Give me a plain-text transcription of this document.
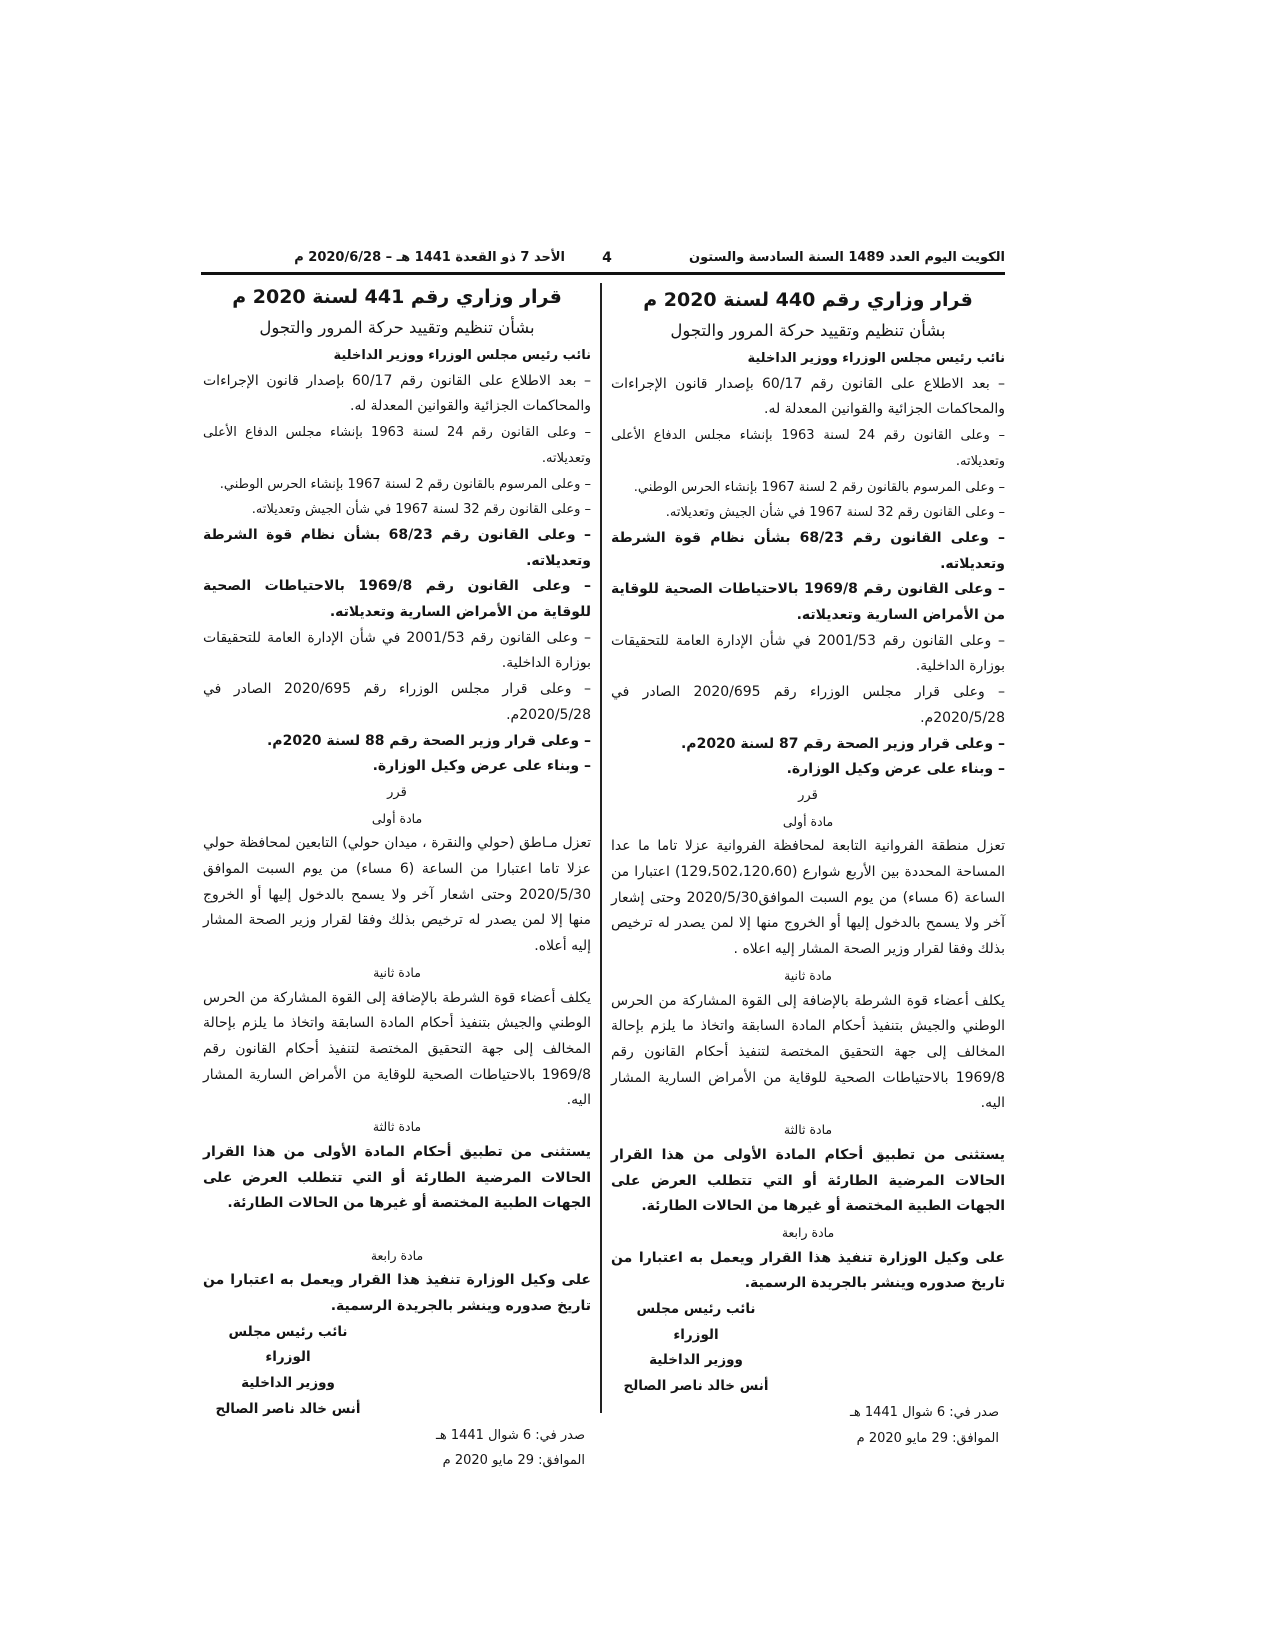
الكويت اليوم العدد 1489 السنة السادسة والستون
4
الأحد 7 ذو القعدة 1441 هـ – 2020/6/28 م
قرار وزاري رقم 440 لسنة 2020 م
بشأن تنظيم وتقييد حركة المرور والتجول

نائب رئيس مجلس الوزراء ووزير الداخلية

– بعد الاطلاع على القانون رقم 60/17 بإصدار قانون الإجراءات والمحاكمات الجزائية والقوانين المعدلة له.

– وعلى القانون رقم 24 لسنة 1963 بإنشاء مجلس الدفاع الأعلى وتعديلاته.

– وعلى المرسوم بالقانون رقم 2 لسنة 1967 بإنشاء الحرس الوطني.

– وعلى القانون رقم 32 لسنة 1967 في شأن الجيش وتعديلاته.

– وعلى القانون رقم 68/23 بشأن نظام قوة الشرطة وتعديلاته.

– وعلى القانون رقم 1969/8 بالاحتياطات الصحية للوقاية من الأمراض السارية وتعديلاته.

– وعلى القانون رقم 2001/53 في شأن الإدارة العامة للتحقيقات بوزارة الداخلية.

– وعلى قرار مجلس الوزراء رقم 2020/695 الصادر في 2020/5/28م.

– وعلى قرار وزير الصحة رقم 87 لسنة 2020م.

– وبناء على عرض وكيل الوزارة.

قرر

مادة أولى

تعزل منطقة الفروانية التابعة لمحافظة الفروانية عزلا تاما ما عدا المساحة المحددة بين الأربع شوارع (129،502،120،60) اعتبارا من الساعة (6 مساء) من يوم السبت الموافق2020/5/30 وحتى إشعار آخر ولا يسمح بالدخول إليها أو الخروج منها إلا لمن يصدر له ترخيص بذلك وفقا لقرار وزير الصحة المشار إليه اعلاه .

مادة ثانية

يكلف أعضاء قوة الشرطة بالإضافة إلى القوة المشاركة من الحرس الوطني والجيش بتنفيذ أحكام المادة السابقة واتخاذ ما يلزم بإحالة المخالف إلى جهة التحقيق المختصة لتنفيذ أحكام القانون رقم 1969/8 بالاحتياطات الصحية للوقاية من الأمراض السارية المشار اليه.

مادة ثالثة

يستثنى من تطبيق أحكام المادة الأولى من هذا القرار الحالات المرضية الطارئة أو التي تتطلب العرض على الجهات الطبية المختصة أو غيرها من الحالات الطارئة.

مادة رابعة

على وكيل الوزارة تنفيذ هذا القرار ويعمل به اعتبارا من تاريخ صدوره وينشر بالجريدة الرسمية.

نائب رئيس مجلس الوزراء

ووزير الداخلية

أنس خالد ناصر الصالح

صدر في: 6 شوال 1441 هـ

الموافق: 29 مايو 2020 م

قرار وزاري رقم 441 لسنة 2020 م
بشأن تنظيم وتقييد حركة المرور والتجول

نائب رئيس مجلس الوزراء ووزير الداخلية

– بعد الاطلاع على القانون رقم 60/17 بإصدار قانون الإجراءات والمحاكمات الجزائية والقوانين المعدلة له.

– وعلى القانون رقم 24 لسنة 1963 بإنشاء مجلس الدفاع الأعلى وتعديلاته.

– وعلى المرسوم بالقانون رقم 2 لسنة 1967 بإنشاء الحرس الوطني.

– وعلى القانون رقم 32 لسنة 1967 في شأن الجيش وتعديلاته.

– وعلى القانون رقم 68/23 بشأن نظام قوة الشرطة وتعديلاته.

– وعلى القانون رقم 1969/8 بالاحتياطات الصحية للوقاية من الأمراض السارية وتعديلاته.

– وعلى القانون رقم 2001/53 في شأن الإدارة العامة للتحقيقات بوزارة الداخلية.

– وعلى قرار مجلس الوزراء رقم 2020/695 الصادر في 2020/5/28م.

– وعلى قرار وزير الصحة رقم 88 لسنة 2020م.

– وبناء على عرض وكيل الوزارة.

قرر

مادة أولى

تعزل مـاطق (حولي والنقرة ، ميدان حولي) التابعين لمحافظة حولي عزلا تاما اعتبارا من الساعة (6 مساء) من يوم السبت الموافق 2020/5/30 وحتى اشعار آخر ولا يسمح بالدخول إليها أو الخروج منها إلا لمن يصدر له ترخيص بذلك وفقا لقرار وزير الصحة المشار إليه أعلاه.

مادة ثانية

يكلف أعضاء قوة الشرطة بالإضافة إلى القوة المشاركة من الحرس الوطني والجيش بتنفيذ أحكام المادة السابقة واتخاذ ما يلزم بإحالة المخالف إلى جهة التحقيق المختصة لتنفيذ أحكام القانون رقم 1969/8 بالاحتياطات الصحية للوقاية من الأمراض السارية المشار اليه.

مادة ثالثة

يستثنى من تطبيق أحكام المادة الأولى من هذا القرار الحالات المرضية الطارئة أو التي تتطلب العرض على الجهات الطبية المختصة أو غيرها من الحالات الطارئة.

مادة رابعة

على وكيل الوزارة تنفيذ هذا القرار ويعمل به اعتبارا من تاريخ صدوره وينشر بالجريدة الرسمية.

نائب رئيس مجلس الوزراء

ووزير الداخلية

أنس خالد ناصر الصالح

صدر في: 6 شوال 1441 هـ

الموافق: 29 مايو 2020 م
